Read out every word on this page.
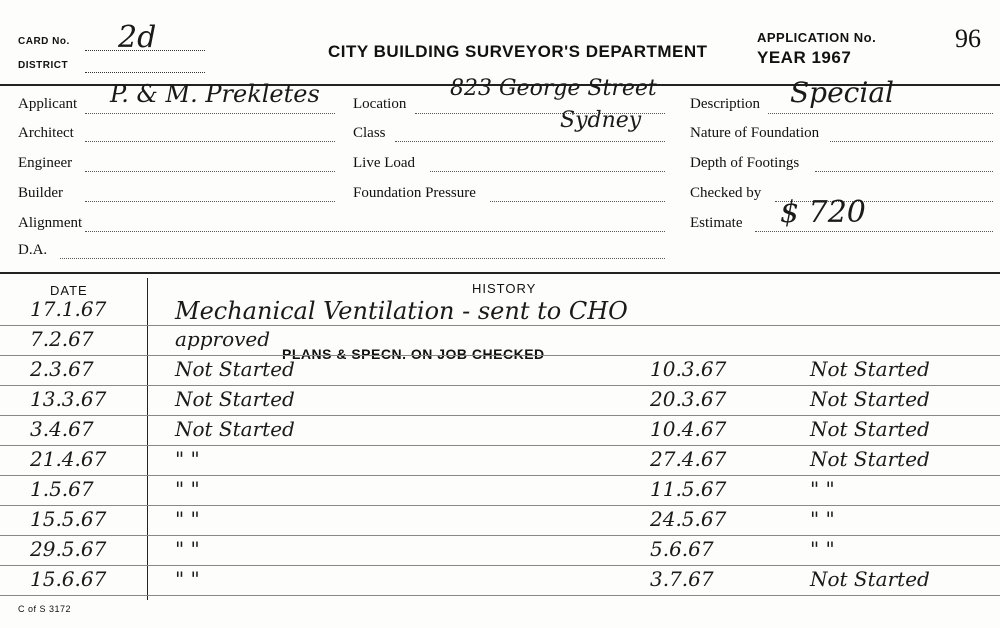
CARD No. 2d
DISTRICT
CITY BUILDING SURVEYOR'S DEPARTMENT
APPLICATION No.	96
YEAR 1967
Applicant P. & M. Prekletes
Architect
Engineer
Builder
Alignment
D.A.
Location
823 George Street
Sydney
Class
Live Load
Foundation Pressure
Description Special
Nature of Foundation
Depth of Footings
Checked by
Estimate $ 720
DATE	HISTORY
PLANS & SPECN. ON JOB CHECKED
17.1.67	Mechanical Ventilation - sent to CHO
7.2.67	approved
2.3.67	Not Started	10.3.67	Not Started
13.3.67	Not Started	20.3.67	Not Started
3.4.67	Not Started	10.4.67	Not Started
21.4.67	" "	27.4.67	Not Started
1.5.67	" "	11.5.67	" "
15.5.67	" "	24.5.67	" "
29.5.67	" "	5.6.67	" "
15.6.67	" "	3.7.67	Not Started
C of S 3172
